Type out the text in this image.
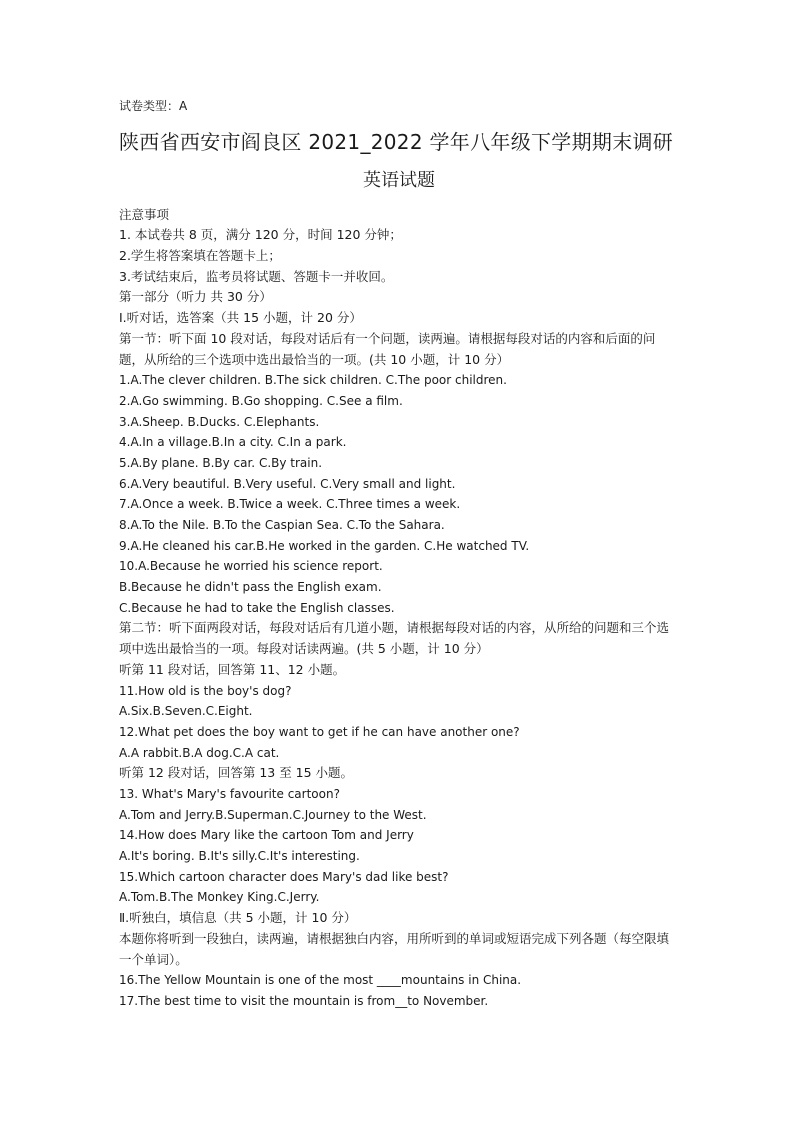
试卷类型：A
陕西省西安市阎良区 2021_2022 学年八年级下学期期末调研
英语试题
注意事项
1. 本试卷共 8 页，满分 120 分，时间 120 分钟；
2.学生将答案填在答题卡上；
3.考试结束后，监考员将试题、答题卡一并收回。
第一部分（听力 共 30 分）
Ⅰ.听对话，选答案（共 15 小题，计 20 分）
第一节：听下面 10 段对话，每段对话后有一个问题，读两遍。请根据每段对话的内容和后面的问题，从所给的三个选项中选出最恰当的一项。(共 10 小题，计 10 分）
1.A.The clever children. B.The sick children. C.The poor children.
2.A.Go swimming. B.Go shopping. C.See a film.
3.A.Sheep. B.Ducks. C.Elephants.
4.A.In a village.B.In a city. C.In a park.
5.A.By plane. B.By car. C.By train.
6.A.Very beautiful. B.Very useful. C.Very small and light.
7.A.Once a week. B.Twice a week. C.Three times a week.
8.A.To the Nile. B.To the Caspian Sea. C.To the Sahara.
9.A.He cleaned his car.B.He worked in the garden. C.He watched TV.
10.A.Because he worried his science report.
B.Because he didn't pass the English exam.
C.Because he had to take the English classes.
第二节：听下面两段对话，每段对话后有几道小题，请根据每段对话的内容，从所给的问题和三个选项中选出最恰当的一项。每段对话读两遍。(共 5 小题，计 10 分）
听第 11 段对话，回答第 11、12 小题。
11.How old is the boy's dog?
A.Six.B.Seven.C.Eight.
12.What pet does the boy want to get if he can have another one?
A.A rabbit.B.A dog.C.A cat.
听第 12 段对话，回答第 13 至 15 小题。
13. What's Mary's favourite cartoon?
A.Tom and Jerry.B.Superman.C.Journey to the West.
14.How does Mary like the cartoon Tom and Jerry
A.It's boring. B.It's silly.C.It's interesting.
15.Which cartoon character does Mary's dad like best?
A.Tom.B.The Monkey King.C.Jerry.
Ⅱ.听独白，填信息（共 5 小题，计 10 分）
本题你将听到一段独白，读两遍，请根据独白内容，用所听到的单词或短语完成下列各题（每空限填一个单词）。
16.The Yellow Mountain is one of the most ____mountains in China.
17.The best time to visit the mountain is from__to November.
